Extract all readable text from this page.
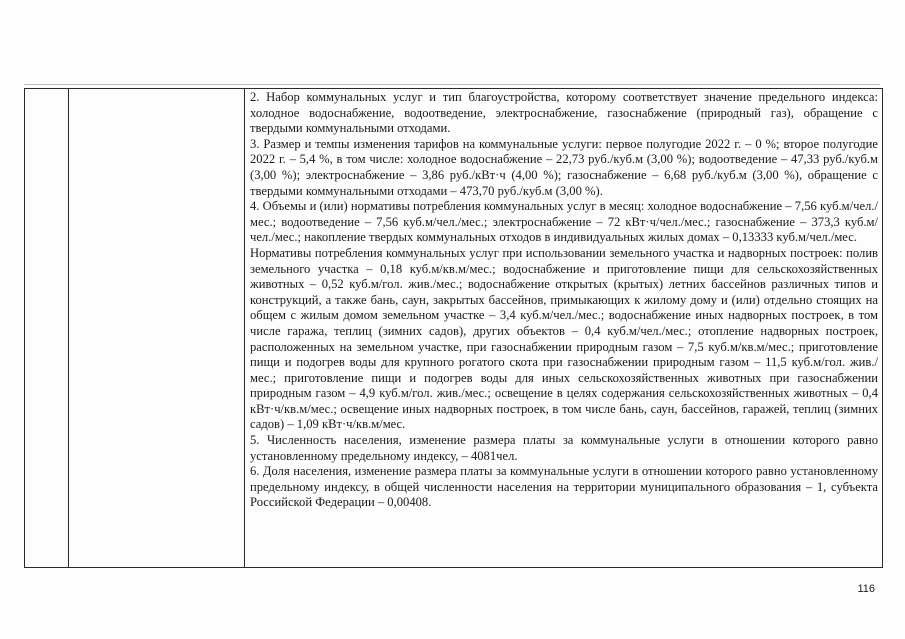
2. Набор коммунальных услуг и тип благоустройства, которому соответствует значение предельного индекса: холодное водоснабжение, водоотведение, электроснабжение, газоснабжение (природный газ), обращение с твердыми коммунальными отходами.

3. Размер и темпы изменения тарифов на коммунальные услуги: первое полугодие 2022 г. – 0 %; второе полугодие 2022 г. – 5,4 %, в том числе: холодное водоснабжение – 22,73 руб./куб.м (3,00 %); водоотведение – 47,33 руб./куб.м (3,00 %); электроснабжение – 3,86 руб./кВт·ч (4,00 %); газоснабжение – 6,68 руб./куб.м (3,00 %), обращение с твердыми коммунальными отходами – 473,70 руб./куб.м (3,00 %).

4. Объемы и (или) нормативы потребления коммунальных услуг в месяц: холодное водоснабжение – 7,56 куб.м/чел./мес.; водоотведение – 7,56 куб.м/чел./мес.; электроснабжение – 72 кВт·ч/чел./мес.; газоснабжение – 373,3 куб.м/чел./мес.; накопление твердых коммунальных отходов в индивидуальных жилых домах – 0,13333 куб.м/чел./мес.

Нормативы потребления коммунальных услуг при использовании земельного участка и надворных построек: полив земельного участка – 0,18 куб.м/кв.м/мес.; водоснабжение и приготовление пищи для сельскохозяйственных животных – 0,52 куб.м/гол. жив./мес.; водоснабжение открытых (крытых) летних бассейнов различных типов и конструкций, а также бань, саун, закрытых бассейнов, примыкающих к жилому дому и (или) отдельно стоящих на общем с жилым домом земельном участке – 3,4 куб.м/чел./мес.; водоснабжение иных надворных построек, в том числе гаража, теплиц (зимних садов), других объектов – 0,4 куб.м/чел./мес.; отопление надворных построек, расположенных на земельном участке, при газоснабжении природным газом – 7,5 куб.м/кв.м/мес.; приготовление пищи и подогрев воды для крупного рогатого скота при газоснабжении природным газом – 11,5 куб.м/гол. жив./мес.; приготовление пищи и подогрев воды для иных сельскохозяйственных животных при газоснабжении природным газом – 4,9 куб.м/гол. жив./мес.; освещение в целях содержания сельскохозяйственных животных – 0,4 кВт·ч/кв.м/мес.; освещение иных надворных построек, в том числе бань, саун, бассейнов, гаражей, теплиц (зимних садов) – 1,09 кВт·ч/кв.м/мес.

5. Численность населения, изменение размера платы за коммунальные услуги в отношении которого равно установленному предельному индексу, – 4081чел.

6. Доля населения, изменение размера платы за коммунальные услуги в отношении которого равно установленному предельному индексу, в общей численности населения на территории муниципального образования – 1, субъекта Российской Федерации – 0,00408.

116
